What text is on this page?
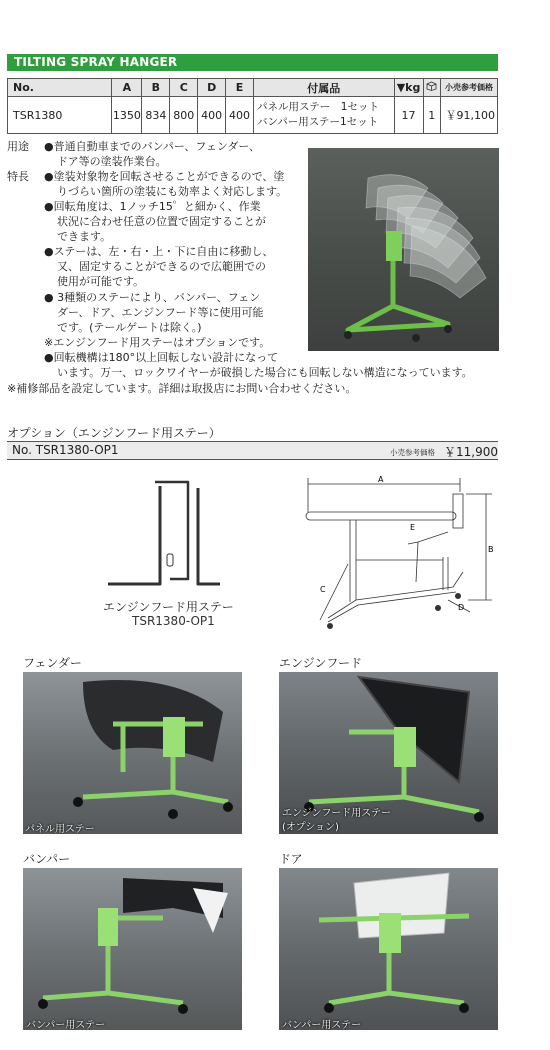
TILTING SPRAY HANGER
No.	A	B	C	D	E	付属品	▼kg		小売参考価格
TSR1380	1350	834	800	400	400	パネル用ステー　1セット
バンパー用ステー1セット	17	1	￥91,100
用途 ●普通自動車までのバンパー、フェンダー、
ドア等の塗装作業台。
特長 ●塗装対象物を回転させることができるので、塗
りづらい箇所の塗装にも効率よく対応します。
●回転角度は、1ノッチ15゜と細かく、作業
状況に合わせ任意の位置で固定することが
できます。
●ステーは、左・右・上・下に自由に移動し、
又、固定することができるので広範囲での
使用が可能です。
● 3種類のステーにより、バンパー、フェン
ダー、ドア、エンジンフード等に使用可能
です。(テールゲートは除く。)
※エンジンフード用ステーはオプションです。
●回転機構は180°以上回転しない設計になって
います。万一、ロックワイヤーが破損した場合にも回転しない構造になっています。
※補修部品を設定しています。詳細は取扱店にお問い合わせください。
オプション（エンジンフード用ステー）
No. TSR1380-OP1	小売参考価格 ￥11,900
エンジンフード用ステー
TSR1380-OP1
A
B
C
D
E
フェンダー	エンジンフード
バンパー	ドア
パネル用ステー
エンジンフード用ステー
(オプション)
バンパー用ステー	バンパー用ステー
